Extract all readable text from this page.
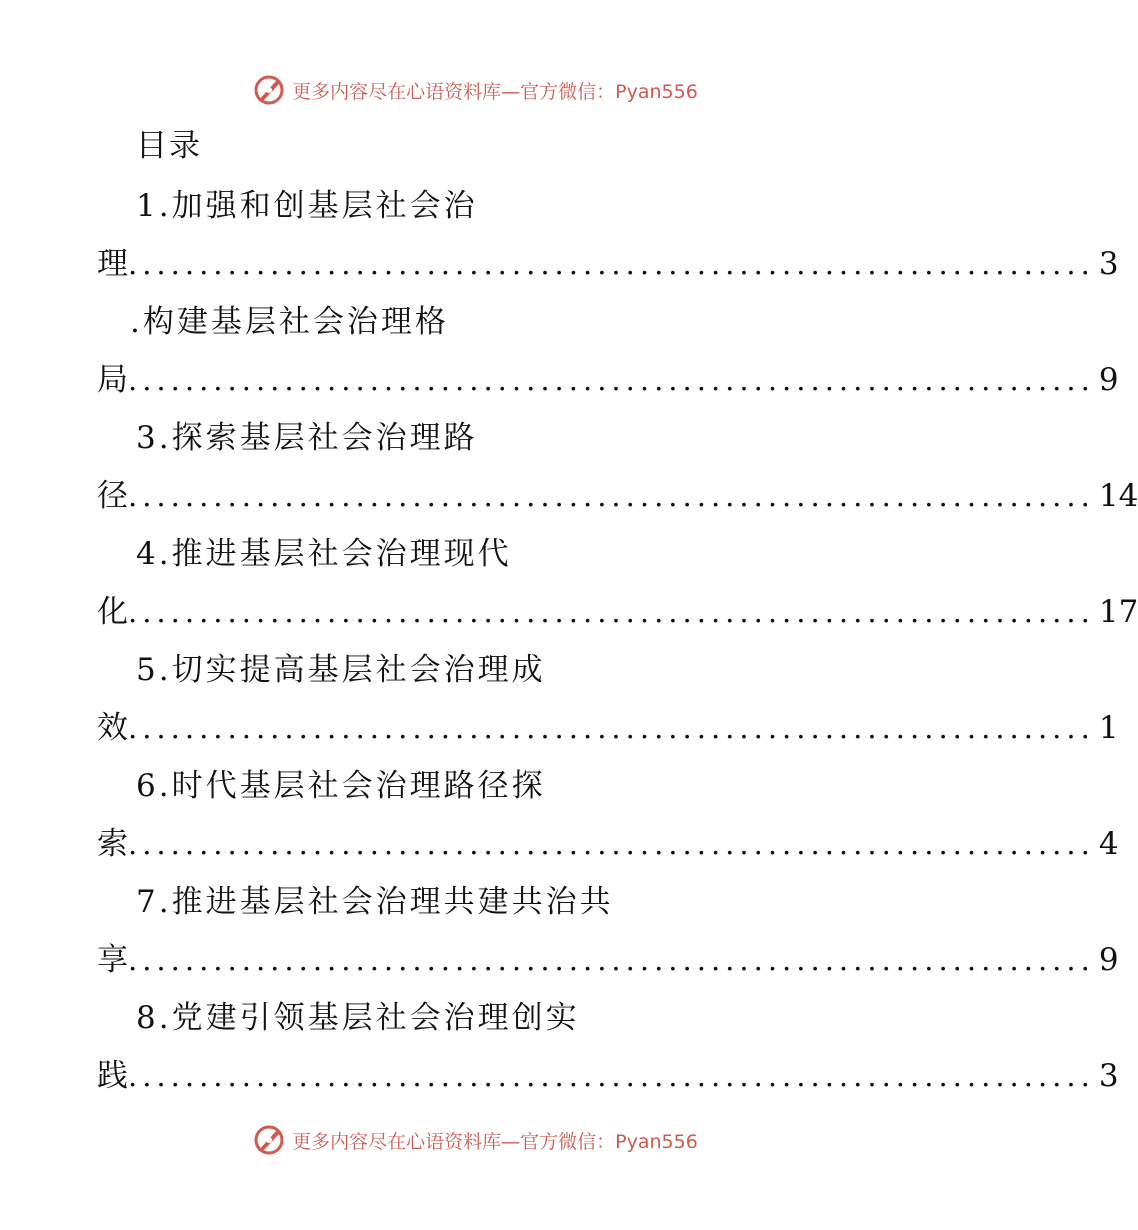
更多内容尽在心语资料库—官方微信：Pyan556
目录
1.加强和创基层社会治
理 .................................................................... 3
.构建基层社会治理格
局 .................................................................... 9
3.探索基层社会治理路
径 .................................................................... 14
4.推进基层社会治理现代
化 .................................................................... 17
5.切实提高基层社会治理成
效 .................................................................... 1
6.时代基层社会治理路径探
索 .................................................................... 4
7.推进基层社会治理共建共治共
享 .................................................................... 9
8.党建引领基层社会治理创实
践 .................................................................... 3
更多内容尽在心语资料库—官方微信：Pyan556
